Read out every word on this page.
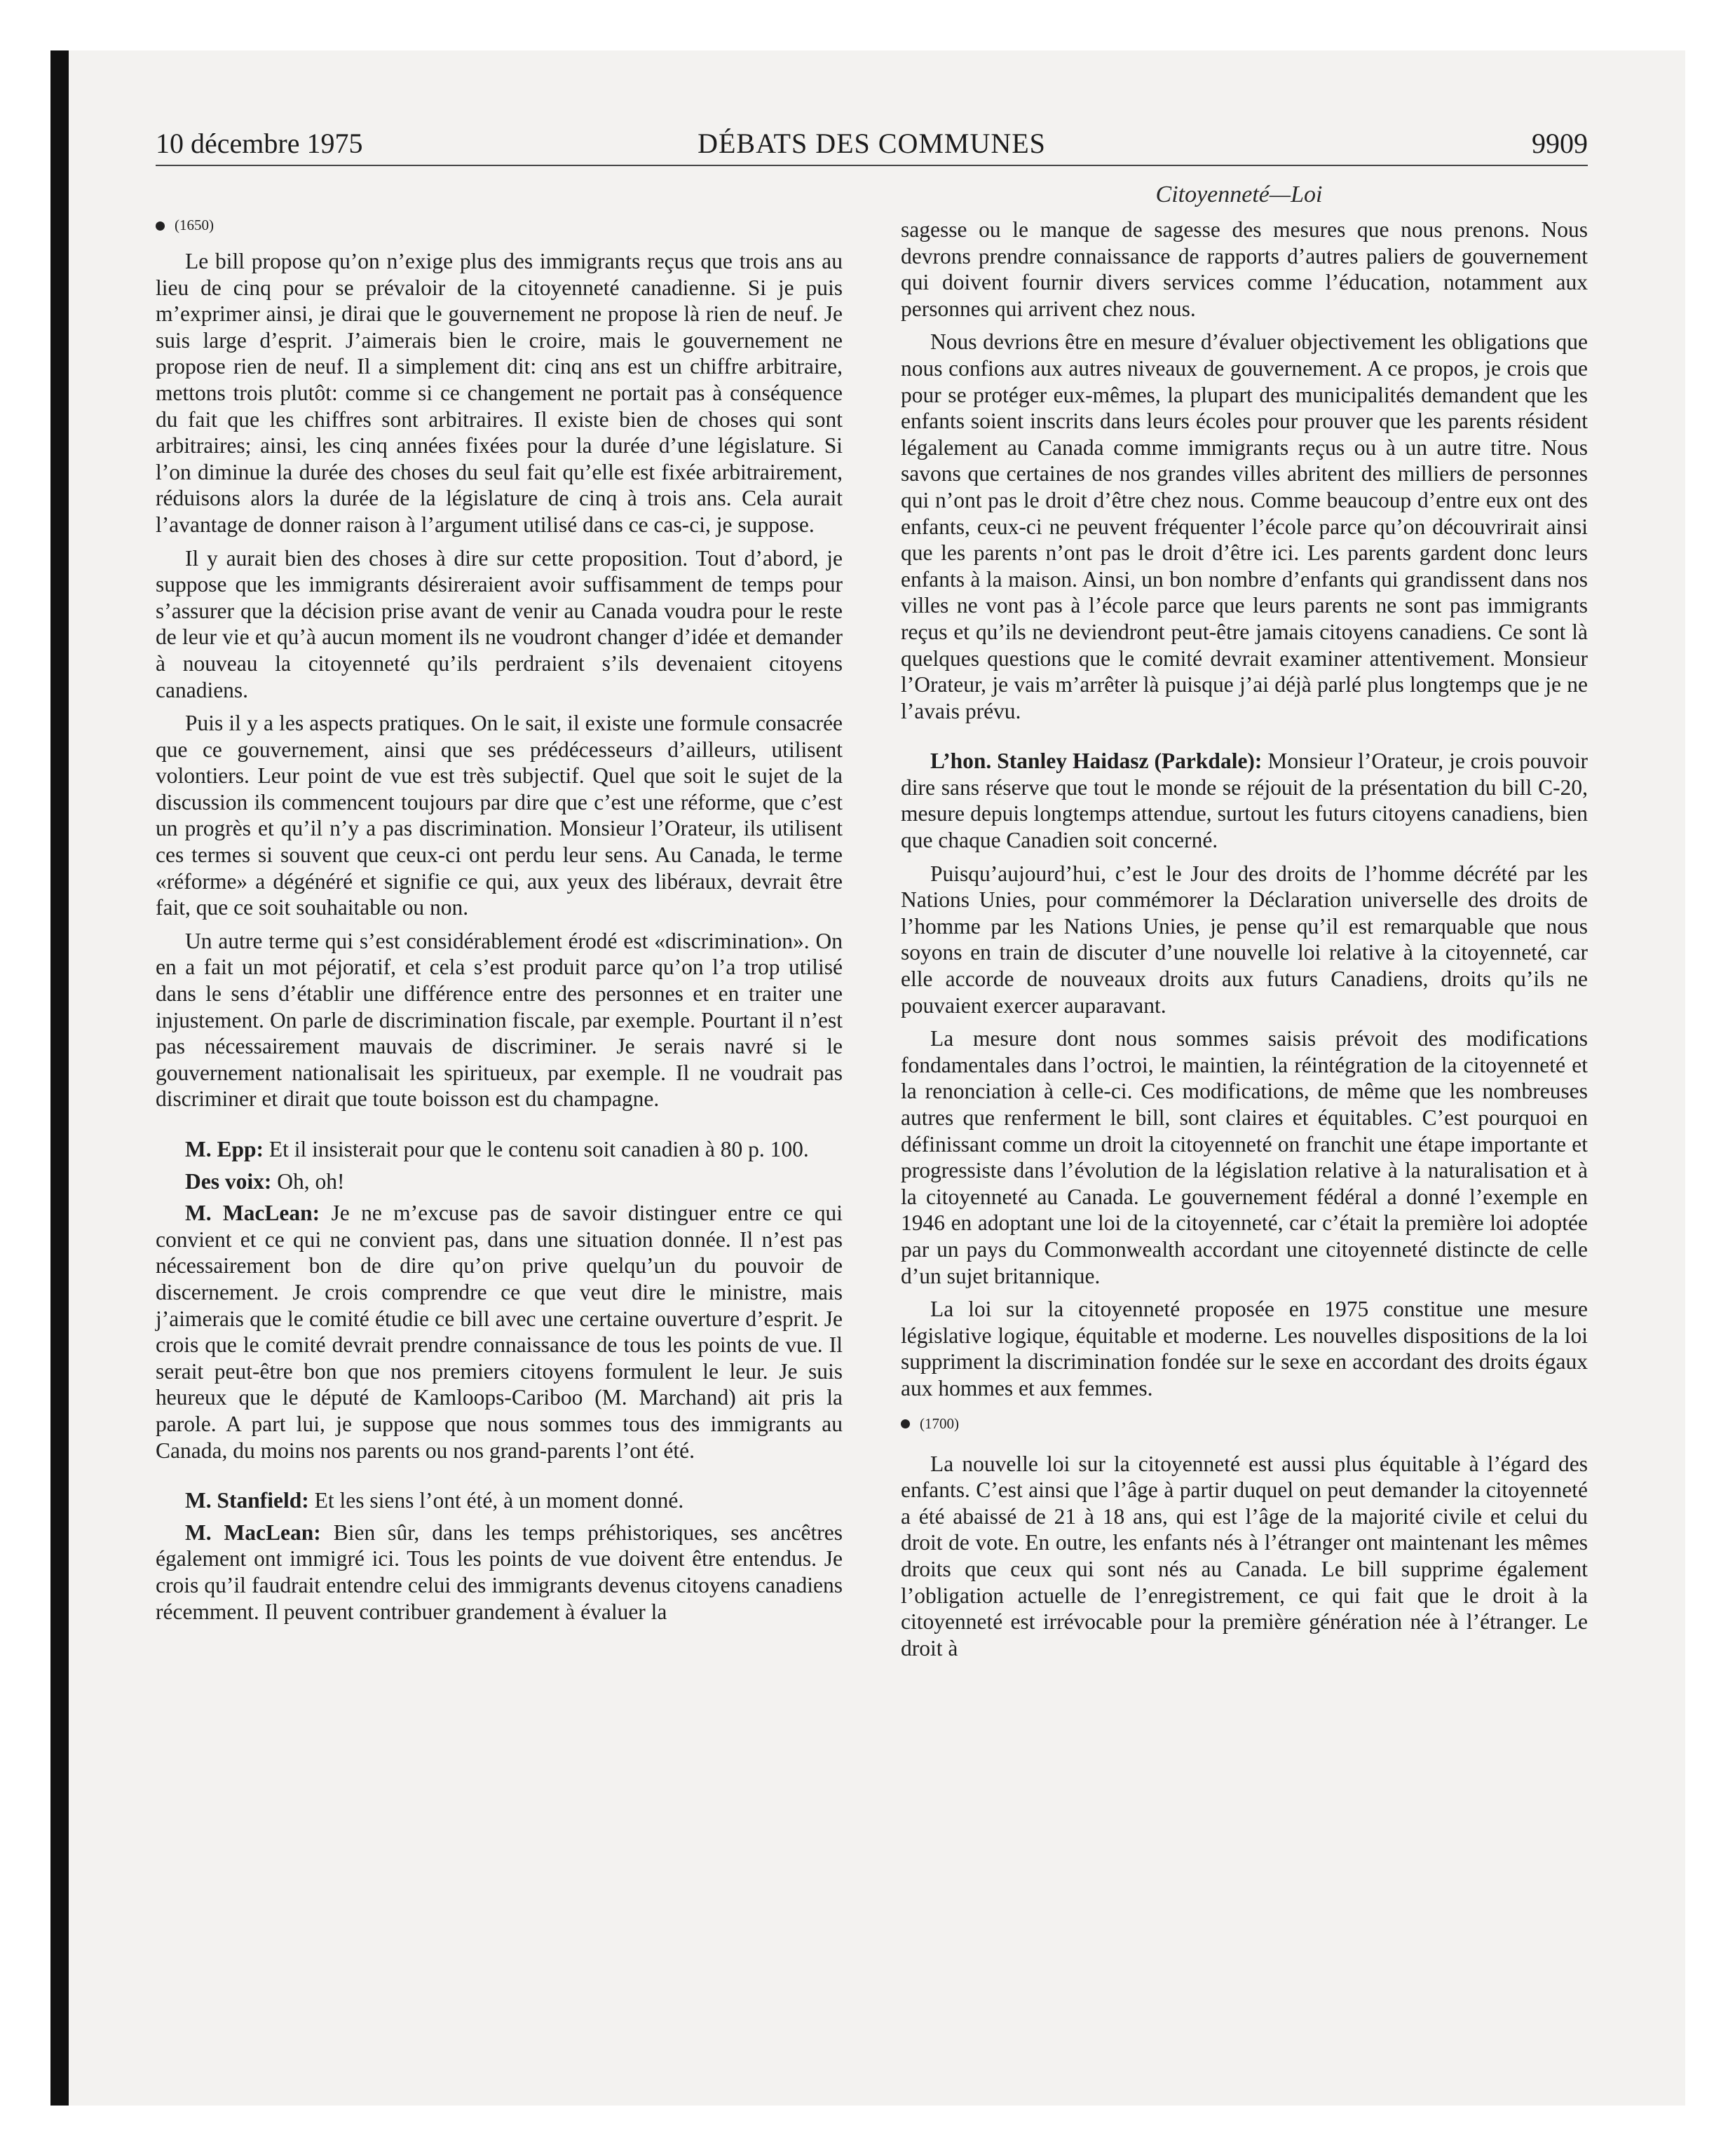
10 décembre 1975	DÉBATS DES COMMUNES	9909
Citoyenneté—Loi
(1650)

Le bill propose qu’on n’exige plus des immigrants reçus que trois ans au lieu de cinq pour se prévaloir de la citoyenneté canadienne. Si je puis m’exprimer ainsi, je dirai que le gouvernement ne propose là rien de neuf. Je suis large d’esprit. J’aimerais bien le croire, mais le gouvernement ne propose rien de neuf. Il a simplement dit: cinq ans est un chiffre arbitraire, mettons trois plutôt: comme si ce changement ne portait pas à conséquence du fait que les chiffres sont arbitraires. Il existe bien de choses qui sont arbitraires; ainsi, les cinq années fixées pour la durée d’une législature. Si l’on diminue la durée des choses du seul fait qu’elle est fixée arbitrairement, réduisons alors la durée de la législature de cinq à trois ans. Cela aurait l’avantage de donner raison à l’argument utilisé dans ce cas-ci, je suppose.

Il y aurait bien des choses à dire sur cette proposition. Tout d’abord, je suppose que les immigrants désireraient avoir suffisamment de temps pour s’assurer que la décision prise avant de venir au Canada voudra pour le reste de leur vie et qu’à aucun moment ils ne voudront changer d’idée et demander à nouveau la citoyenneté qu’ils perdraient s’ils devenaient citoyens canadiens.

Puis il y a les aspects pratiques. On le sait, il existe une formule consacrée que ce gouvernement, ainsi que ses prédécesseurs d’ailleurs, utilisent volontiers. Leur point de vue est très subjectif. Quel que soit le sujet de la discussion ils commencent toujours par dire que c’est une réforme, que c’est un progrès et qu’il n’y a pas discrimination. Monsieur l’Orateur, ils utilisent ces termes si souvent que ceux-ci ont perdu leur sens. Au Canada, le terme «réforme» a dégénéré et signifie ce qui, aux yeux des libéraux, devrait être fait, que ce soit souhaitable ou non.

Un autre terme qui s’est considérablement érodé est «discrimination». On en a fait un mot péjoratif, et cela s’est produit parce qu’on l’a trop utilisé dans le sens d’établir une différence entre des personnes et en traiter une injustement. On parle de discrimination fiscale, par exemple. Pourtant il n’est pas nécessairement mauvais de discriminer. Je serais navré si le gouvernement nationalisait les spiritueux, par exemple. Il ne voudrait pas discriminer et dirait que toute boisson est du champagne.

M. Epp: Et il insisterait pour que le contenu soit canadien à 80 p. 100.

Des voix: Oh, oh!

M. MacLean: Je ne m’excuse pas de savoir distinguer entre ce qui convient et ce qui ne convient pas, dans une situation donnée. Il n’est pas nécessairement bon de dire qu’on prive quelqu’un du pouvoir de discernement. Je crois comprendre ce que veut dire le ministre, mais j’aimerais que le comité étudie ce bill avec une certaine ouverture d’esprit. Je crois que le comité devrait prendre connaissance de tous les points de vue. Il serait peut-être bon que nos premiers citoyens formulent le leur. Je suis heureux que le député de Kamloops-Cariboo (M. Marchand) ait pris la parole. A part lui, je suppose que nous sommes tous des immigrants au Canada, du moins nos parents ou nos grand-parents l’ont été.

M. Stanfield: Et les siens l’ont été, à un moment donné.

M. MacLean: Bien sûr, dans les temps préhistoriques, ses ancêtres également ont immigré ici. Tous les points de vue doivent être entendus. Je crois qu’il faudrait entendre celui des immigrants devenus citoyens canadiens récemment. Il peuvent contribuer grandement à évaluer la

sagesse ou le manque de sagesse des mesures que nous prenons. Nous devrons prendre connaissance de rapports d’autres paliers de gouvernement qui doivent fournir divers services comme l’éducation, notamment aux personnes qui arrivent chez nous.

Nous devrions être en mesure d’évaluer objectivement les obligations que nous confions aux autres niveaux de gouvernement. A ce propos, je crois que pour se protéger eux-mêmes, la plupart des municipalités demandent que les enfants soient inscrits dans leurs écoles pour prouver que les parents résident légalement au Canada comme immigrants reçus ou à un autre titre. Nous savons que certaines de nos grandes villes abritent des milliers de personnes qui n’ont pas le droit d’être chez nous. Comme beaucoup d’entre eux ont des enfants, ceux-ci ne peuvent fréquenter l’école parce qu’on découvrirait ainsi que les parents n’ont pas le droit d’être ici. Les parents gardent donc leurs enfants à la maison. Ainsi, un bon nombre d’enfants qui grandissent dans nos villes ne vont pas à l’école parce que leurs parents ne sont pas immigrants reçus et qu’ils ne deviendront peut-être jamais citoyens canadiens. Ce sont là quelques questions que le comité devrait examiner attentivement. Monsieur l’Orateur, je vais m’arrêter là puisque j’ai déjà parlé plus longtemps que je ne l’avais prévu.

L’hon. Stanley Haidasz (Parkdale): Monsieur l’Orateur, je crois pouvoir dire sans réserve que tout le monde se réjouit de la présentation du bill C-20, mesure depuis longtemps attendue, surtout les futurs citoyens canadiens, bien que chaque Canadien soit concerné.

Puisqu’aujourd’hui, c’est le Jour des droits de l’homme décrété par les Nations Unies, pour commémorer la Déclaration universelle des droits de l’homme par les Nations Unies, je pense qu’il est remarquable que nous soyons en train de discuter d’une nouvelle loi relative à la citoyenneté, car elle accorde de nouveaux droits aux futurs Canadiens, droits qu’ils ne pouvaient exercer auparavant.

La mesure dont nous sommes saisis prévoit des modifications fondamentales dans l’octroi, le maintien, la réintégration de la citoyenneté et la renonciation à celle-ci. Ces modifications, de même que les nombreuses autres que renferment le bill, sont claires et équitables. C’est pourquoi en définissant comme un droit la citoyenneté on franchit une étape importante et progressiste dans l’évolution de la législation relative à la naturalisation et à la citoyenneté au Canada. Le gouvernement fédéral a donné l’exemple en 1946 en adoptant une loi de la citoyenneté, car c’était la première loi adoptée par un pays du Commonwealth accordant une citoyenneté distincte de celle d’un sujet britannique.

La loi sur la citoyenneté proposée en 1975 constitue une mesure législative logique, équitable et moderne. Les nouvelles dispositions de la loi suppriment la discrimination fondée sur le sexe en accordant des droits égaux aux hommes et aux femmes.

(1700)

La nouvelle loi sur la citoyenneté est aussi plus équitable à l’égard des enfants. C’est ainsi que l’âge à partir duquel on peut demander la citoyenneté a été abaissé de 21 à 18 ans, qui est l’âge de la majorité civile et celui du droit de vote. En outre, les enfants nés à l’étranger ont maintenant les mêmes droits que ceux qui sont nés au Canada. Le bill supprime également l’obligation actuelle de l’enregistrement, ce qui fait que le droit à la citoyenneté est irrévocable pour la première génération née à l’étranger. Le droit à
